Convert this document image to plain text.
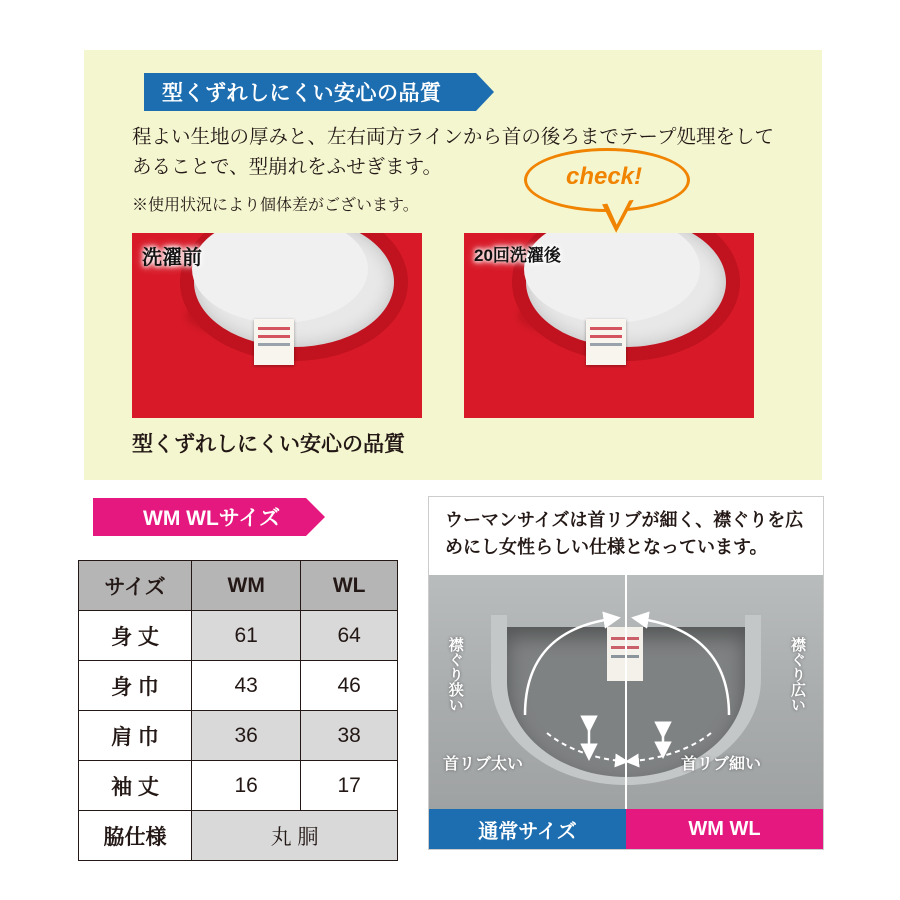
型くずれしにくい安心の品質
程よい生地の厚みと、左右両方ラインから首の後ろまでテープ処理をしてあることで、型崩れをふせぎます。
※使用状況により個体差がございます。
check!
洗濯前	20回洗濯後
型くずれしにくい安心の品質
WM WLサイズ
サイズ	WM	WL
身 丈	61	64
身 巾	43	46
肩 巾	36	38
袖 丈	16	17
脇仕様	丸 胴	
ウーマンサイズは首リブが細く、襟ぐりを広めにし女性らしい仕様となっています。
襟ぐり狭い	襟ぐり広い
首リブ太い	首リブ細い
通常サイズ	WM WL
